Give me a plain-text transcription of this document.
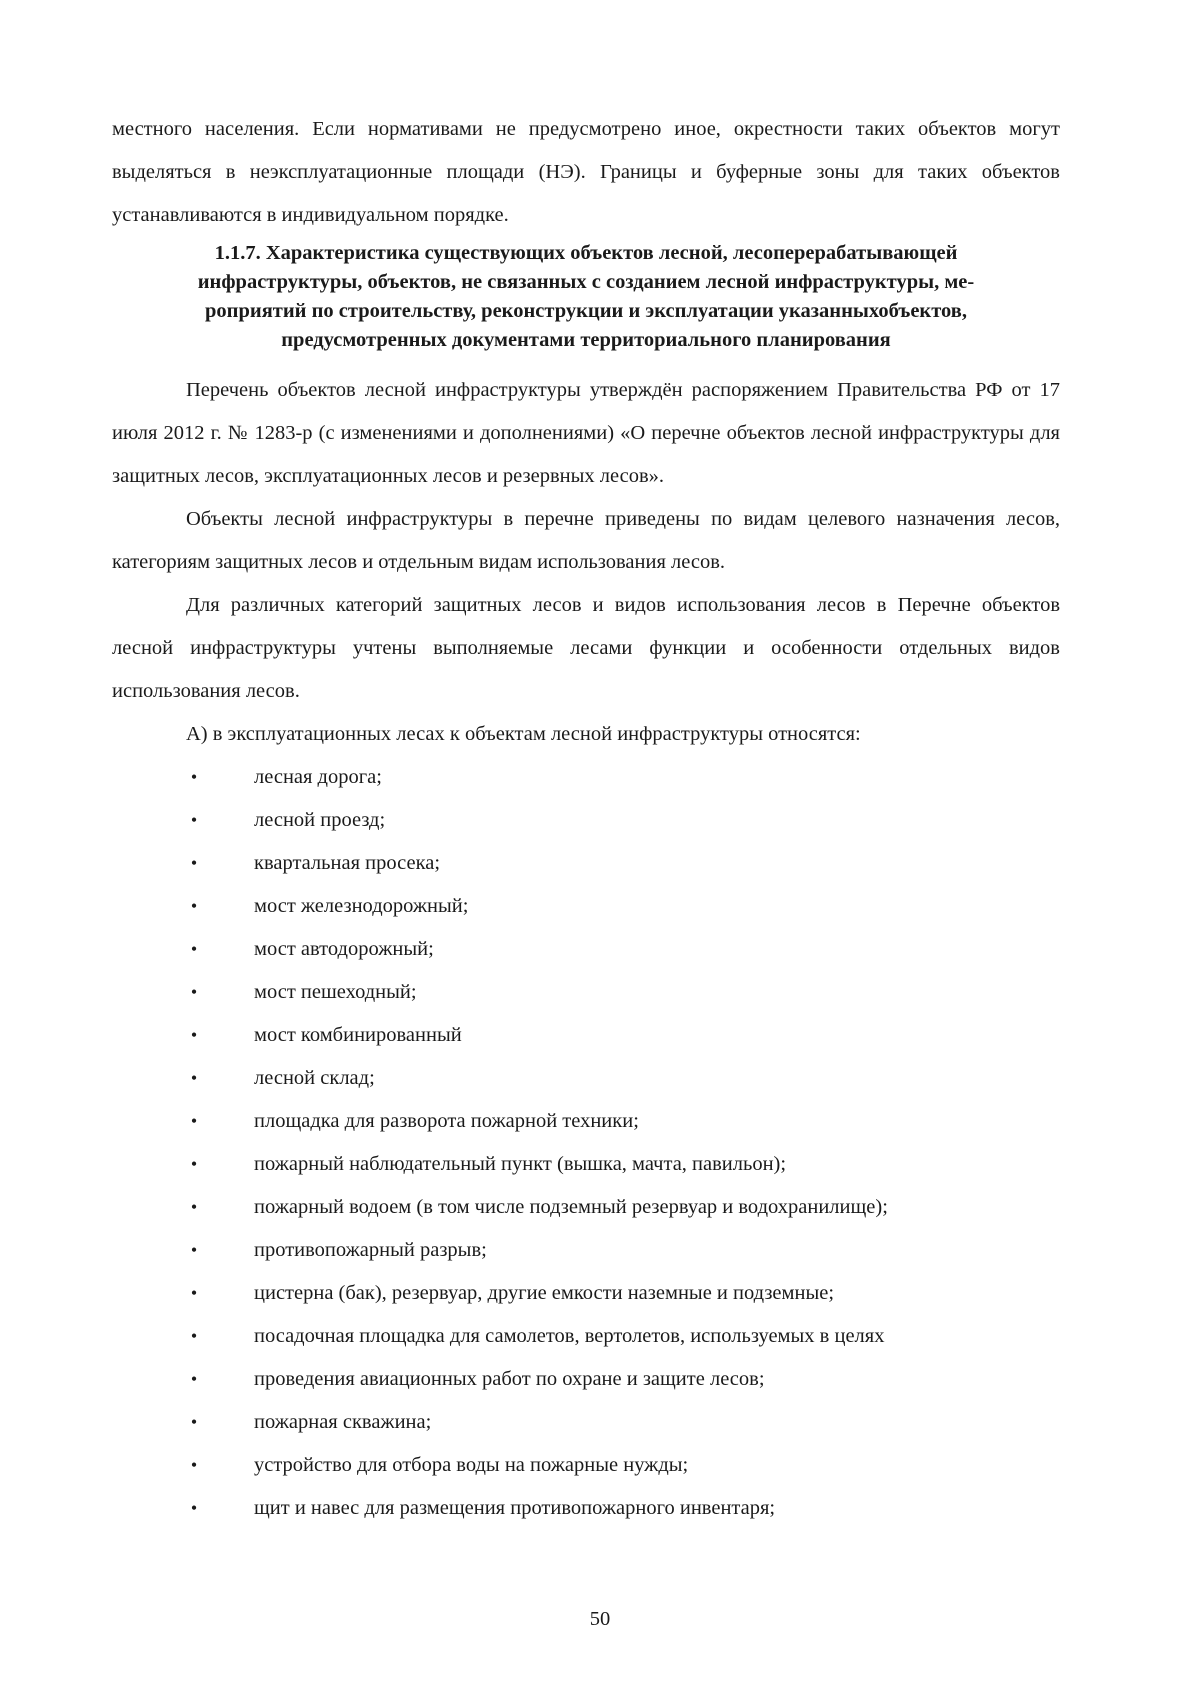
местного населения. Если нормативами не предусмотрено иное, окрестности таких объектов могут выделяться в неэксплуатационные площади (НЭ). Границы и буферные зоны для таких объектов устанавливаются в индивидуальном порядке.

1.1.7. Характеристика существующих объектов лесной, лесоперерабатывающей
инфраструктуры, объектов, не связанных с созданием лесной инфраструктуры, ме-
роприятий по строительству, реконструкции и эксплуатации указанныхобъектов,
предусмотренных документами территориального планирования

Перечень объектов лесной инфраструктуры утверждён распоряжением Правительства РФ от 17 июля 2012 г. № 1283-р (с изменениями и дополнениями) «О перечне объектов лесной инфраструктуры для защитных лесов, эксплуатационных лесов и резервных лесов».

Объекты лесной инфраструктуры в перечне приведены по видам целевого назначения лесов, категориям защитных лесов и отдельным видам использования лесов.

Для различных категорий защитных лесов и видов использования лесов в Перечне объектов лесной инфраструктуры учтены выполняемые лесами функции и особенности отдельных видов использования лесов.

А) в эксплуатационных лесах к объектам лесной инфраструктуры относятся:

•	лесная дорога;
•	лесной проезд;
•	квартальная просека;
•	мост железнодорожный;
•	мост автодорожный;
•	мост пешеходный;
•	мост комбинированный
•	лесной склад;
•	площадка для разворота пожарной техники;
•	пожарный наблюдательный пункт (вышка, мачта, павильон);
•	пожарный водоем (в том числе подземный резервуар и водохранилище);
•	противопожарный разрыв;
•	цистерна (бак), резервуар, другие емкости наземные и подземные;
•	посадочная площадка для самолетов, вертолетов, используемых в целях
•	проведения авиационных работ по охране и защите лесов;
•	пожарная скважина;
•	устройство для отбора воды на пожарные нужды;
•	щит и навес для размещения противопожарного инвентаря;
50
